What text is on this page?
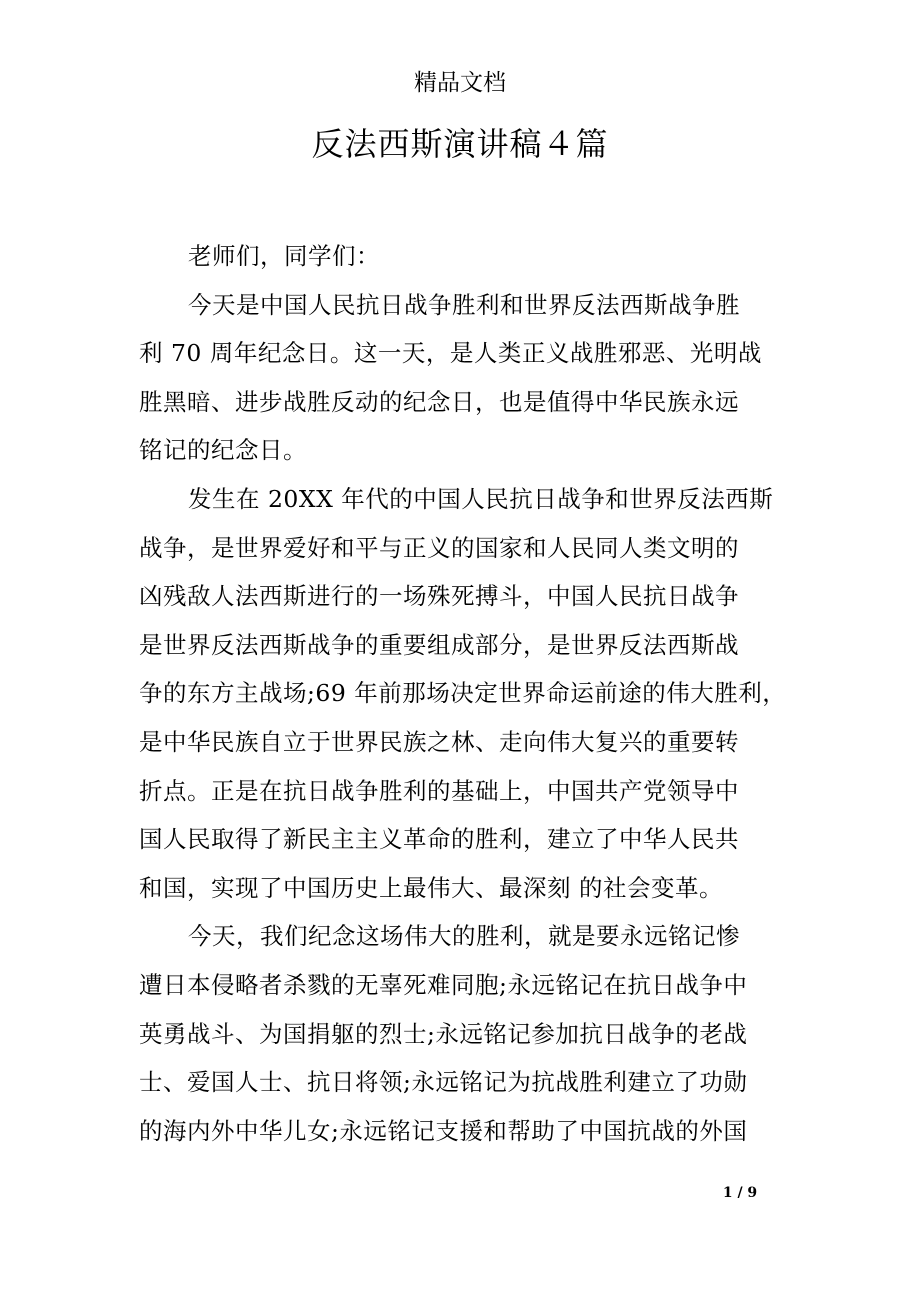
精品文档
反法西斯演讲稿４篇
老师们，同学们：
今天是中国人民抗日战争胜利和世界反法西斯战争胜
利 70 周年纪念日。这一天，是人类正义战胜邪恶、光明战
胜黑暗、进步战胜反动的纪念日，也是值得中华民族永远
铭记的纪念日。
发生在 20XX 年代的中国人民抗日战争和世界反法西斯
战争，是世界爱好和平与正义的国家和人民同人类文明的
凶残敌人法西斯进行的一场殊死搏斗，中国人民抗日战争
是世界反法西斯战争的重要组成部分，是世界反法西斯战
争的东方主战场;69 年前那场决定世界命运前途的伟大胜利，
是中华民族自立于世界民族之林、走向伟大复兴的重要转
折点。正是在抗日战争胜利的基础上，中国共产党领导中
国人民取得了新民主主义革命的胜利，建立了中华人民共
和国，实现了中国历史上最伟大、最深刻 的社会变革。
今天，我们纪念这场伟大的胜利，就是要永远铭记惨
遭日本侵略者杀戮的无辜死难同胞;永远铭记在抗日战争中
英勇战斗、为国捐躯的烈士;永远铭记参加抗日战争的老战
士、爱国人士、抗日将领;永远铭记为抗战胜利建立了功勋
的海内外中华儿女;永远铭记支援和帮助了中国抗战的外国
1 / 9
